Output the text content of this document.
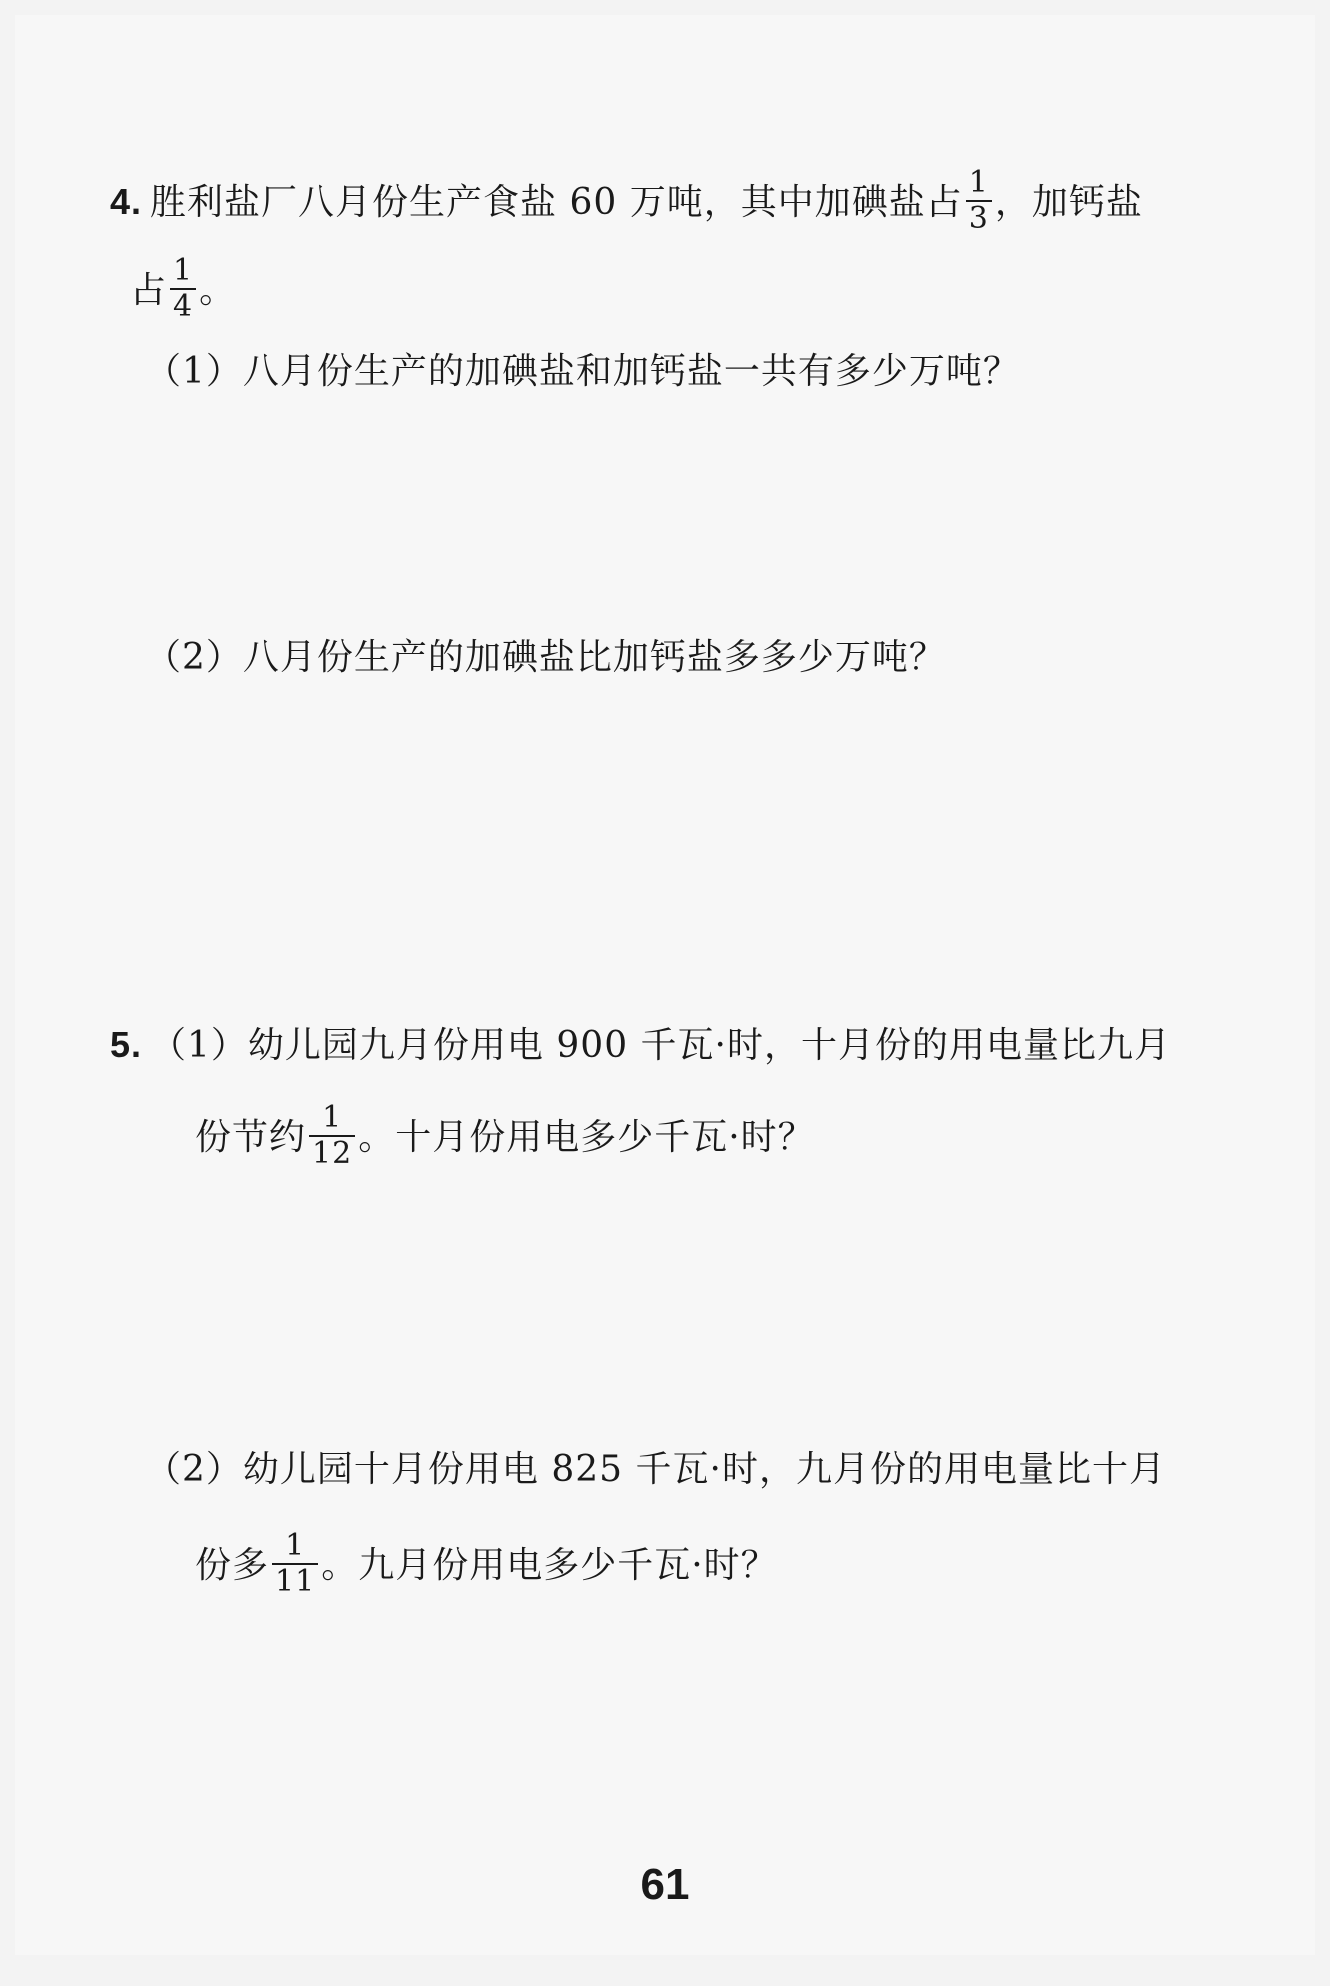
4. 胜利盐厂八月份生产食盐 60 万吨，其中加碘盐占 $\frac{1}{3}$ ，加钙盐
占 $\frac{1}{4}$ 。
（1）八月份生产的加碘盐和加钙盐一共有多少万吨？
（2）八月份生产的加碘盐比加钙盐多多少万吨？
5. （1）幼儿园九月份用电 900 千瓦·时，十月份的用电量比九月
份节约 $\frac{1}{12}$ 。十月份用电多少千瓦·时？
（2）幼儿园十月份用电 825 千瓦·时，九月份的用电量比十月
份多 $\frac{1}{11}$ 。九月份用电多少千瓦·时？
61
